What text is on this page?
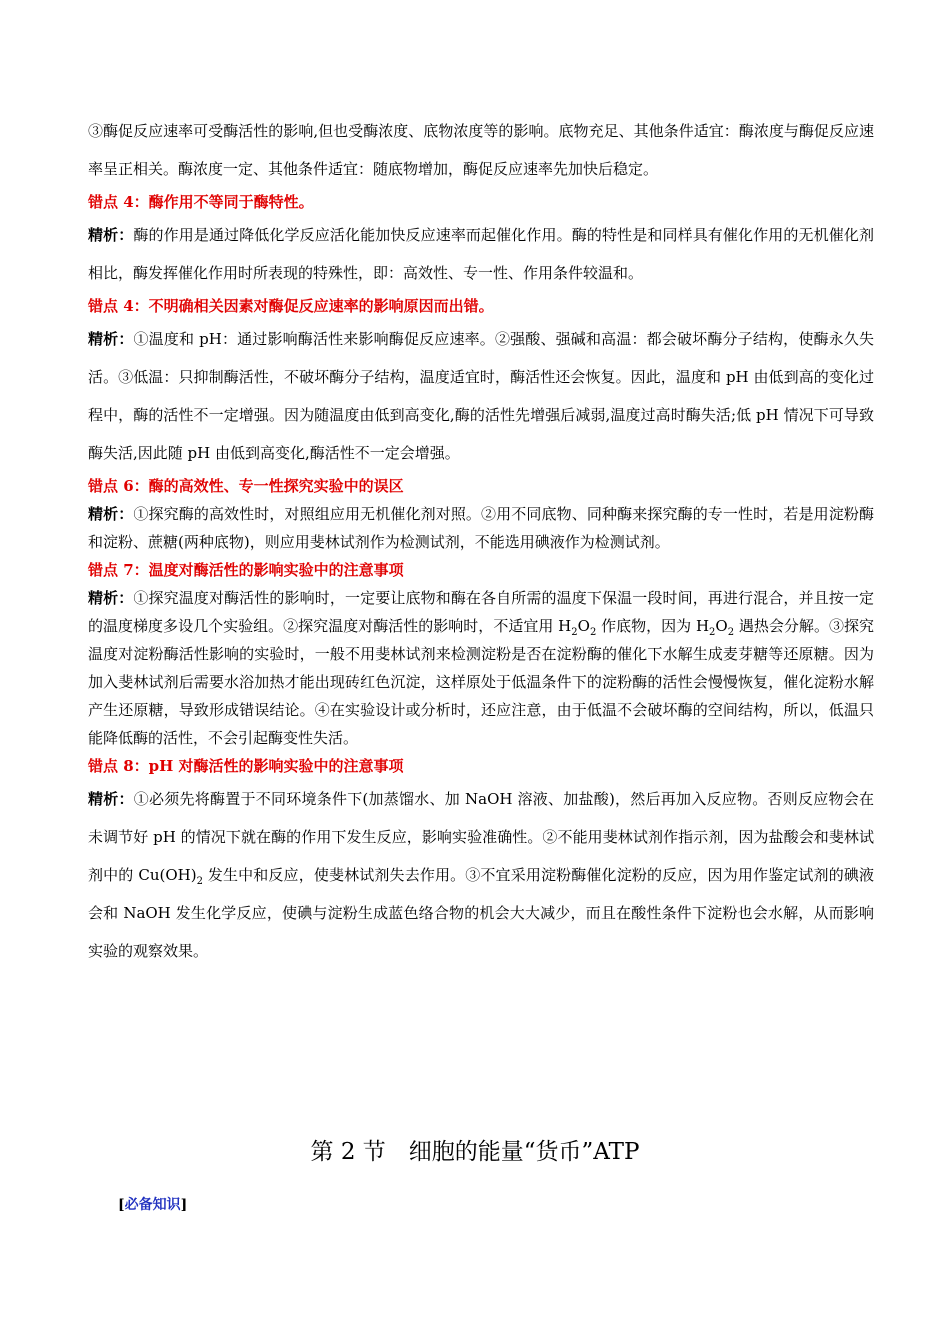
③酶促反应速率可受酶活性的影响,但也受酶浓度、底物浓度等的影响。底物充足、其他条件适宜：酶浓度与酶促反应速率呈正相关。酶浓度一定、其他条件适宜：随底物增加，酶促反应速率先加快后稳定。

错点 4：酶作用不等同于酶特性。

精析：酶的作用是通过降低化学反应活化能加快反应速率而起催化作用。酶的特性是和同样具有催化作用的无机催化剂相比，酶发挥催化作用时所表现的特殊性，即：高效性、专一性、作用条件较温和。

错点 4：不明确相关因素对酶促反应速率的影响原因而出错。

精析：①温度和 pH：通过影响酶活性来影响酶促反应速率。②强酸、强碱和高温：都会破坏酶分子结构，使酶永久失活。③低温：只抑制酶活性，不破坏酶分子结构，温度适宜时，酶活性还会恢复。因此，温度和 pH 由低到高的变化过程中，酶的活性不一定增强。因为随温度由低到高变化,酶的活性先增强后减弱,温度过高时酶失活;低 pH 情况下可导致酶失活,因此随 pH 由低到高变化,酶活性不一定会增强。

错点 6：酶的高效性、专一性探究实验中的误区

精析：①探究酶的高效性时，对照组应用无机催化剂对照。②用不同底物、同种酶来探究酶的专一性时，若是用淀粉酶和淀粉、蔗糖(两种底物)，则应用斐林试剂作为检测试剂，不能选用碘液作为检测试剂。

错点 7：温度对酶活性的影响实验中的注意事项

精析：①探究温度对酶活性的影响时，一定要让底物和酶在各自所需的温度下保温一段时间，再进行混合，并且按一定的温度梯度多设几个实验组。②探究温度对酶活性的影响时，不适宜用 $H_2O_2$ 作底物，因为 $H_2O_2$ 遇热会分解。③探究温度对淀粉酶活性影响的实验时，一般不用斐林试剂来检测淀粉是否在淀粉酶的催化下水解生成麦芽糖等还原糖。因为加入斐林试剂后需要水浴加热才能出现砖红色沉淀，这样原处于低温条件下的淀粉酶的活性会慢慢恢复，催化淀粉水解产生还原糖，导致形成错误结论。④在实验设计或分析时，还应注意，由于低温不会破坏酶的空间结构，所以，低温只能降低酶的活性，不会引起酶变性失活。

错点 8：pH 对酶活性的影响实验中的注意事项

精析：①必须先将酶置于不同环境条件下(加蒸馏水、加 NaOH 溶液、加盐酸)，然后再加入反应物。否则反应物会在未调节好 pH 的情况下就在酶的作用下发生反应，影响实验准确性。②不能用斐林试剂作指示剂，因为盐酸会和斐林试剂中的 $Cu(OH)_2$ 发生中和反应，使斐林试剂失去作用。③不宜采用淀粉酶催化淀粉的反应，因为用作鉴定试剂的碘液会和 NaOH 发生化学反应，使碘与淀粉生成蓝色络合物的机会大大减少，而且在酸性条件下淀粉也会水解，从而影响实验的观察效果。

第 2 节　细胞的能量“货币”ATP
[必备知识]
